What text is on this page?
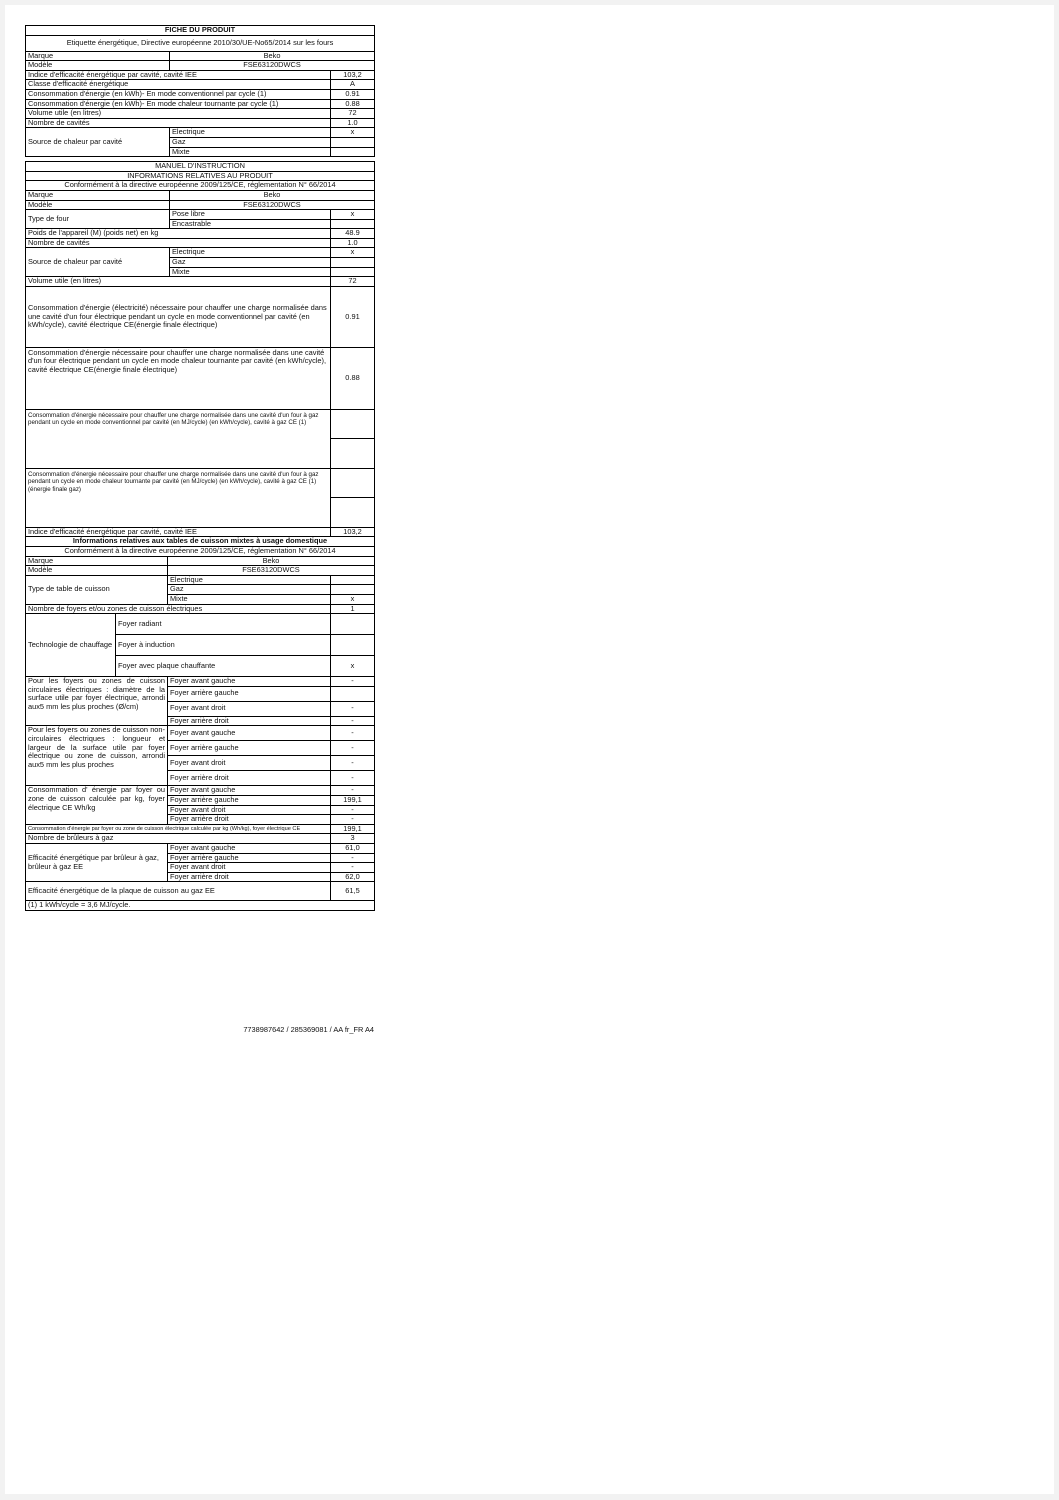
FICHE DU PRODUIT		
Etiquette énergétique, Directive européenne 2010/30/UE-No65/2014 sur les fours		
Marque	Beko	
Modèle	FSE63120DWCS	
Indice d'efficacité énergétique par cavité, cavité IEE		103,2
Classe d'efficacité énergétique		A
Consommation d'énergie (en kWh)- En mode conventionnel par cycle (1)		0.91
Consommation d'énergie (en kWh)- En mode chaleur tournante par cycle (1)		0.88
Volume utile (en litres)		72
Nombre de cavités		1.0
Source de chaleur par cavité	Electrique	x
	Gaz	
	Mixte	
MANUEL D'INSTRUCTION		
INFORMATIONS RELATIVES AU PRODUIT		
Conformément à la directive européenne 2009/125/CE, réglementation N° 66/2014		
Marque	Beko	
Modèle	FSE63120DWCS	
Type de four	Pose libre	x
	Encastrable	
Poids de l'appareil (M) (poids net) en kg		48.9
Nombre de cavités		1.0
Source de chaleur par cavité	Electrique	x
	Gaz	
	Mixte	
Volume utile (en litres)		72
Consommation d'énergie (électricité) nécessaire pour chauffer une charge normalisée dans une cavité d'un four électrique pendant un cycle en mode conventionnel par cavité (en kWh/cycle), cavité électrique CE(énergie finale électrique)		0.91
Consommation d'énergie nécessaire pour chauffer une charge normalisée dans une cavité d'un four électrique pendant un cycle en mode chaleur tournante par cavité (en kWh/cycle), cavité électrique CE(énergie finale électrique)		0.88
Consommation d'énergie nécessaire pour chauffer une charge normalisée dans une cavité d'un four à gaz pendant un cycle en mode conventionnel par cavité (en MJ/cycle) (en kWh/cycle), cavité à gaz CE (1)		

Consommation d'énergie nécessaire pour chauffer une charge normalisée dans une cavité d'un four à gaz pendant un cycle en mode chaleur tournante par cavité (en MJ/cycle) (en kWh/cycle), cavité à gaz CE (1)(énergie finale gaz)		

Indice d'efficacité énergétique par cavité, cavité IEE		103,2
Informations relatives aux tables de cuisson mixtes à usage domestique			
Conformément à la directive européenne 2009/125/CE, réglementation N° 66/2014			
Marque		Beko	
Modèle		FSE63120DWCS	
Type de table de cuisson		Electrique	
		Gaz	
		Mixte	x
Nombre de foyers et/ou zones de cuisson électriques			1
Technologie de chauffage	Foyer radiant		
	Foyer à induction		
	Foyer avec plaque chauffante		x
Pour les foyers ou zones de cuisson circulaires électriques : diamètre de la surface utile par foyer électrique, arrondi aux5 mm les plus proches (Ø/cm)		Foyer avant gauche	-
		Foyer arrière gauche	
		Foyer avant droit	-
		Foyer arrière droit	-
Pour les foyers ou zones de cuisson non-circulaires électriques : longueur et largeur de la surface utile par foyer électrique ou zone de cuisson, arrondi aux5 mm les plus proches		Foyer avant gauche	-
		Foyer arrière gauche	-
		Foyer avant droit	-
		Foyer arrière droit	-
Consommation d' énergie par foyer ou zone de cuisson calculée par kg, foyer électrique CE Wh/kg		Foyer avant gauche	-
		Foyer arrière gauche	199,1
		Foyer avant droit	-
		Foyer arrière droit	-
Consommation d'énergie par foyer ou zone de cuisson électrique calculée par kg (Wh/kg), foyer électrique CE			199,1
Nombre de brûleurs à gaz			3
Efficacité énergétique par brûleur à gaz, brûleur à gaz EE		Foyer avant gauche	61,0
		Foyer arrière gauche	-
		Foyer avant droit	-
		Foyer arrière droit	62,0
Efficacité énergétique de la plaque de cuisson au gaz EE			61,5
(1) 1 kWh/cycle = 3,6 MJ/cycle.			
7738987642 / 285369081 / AA fr_FR A4
